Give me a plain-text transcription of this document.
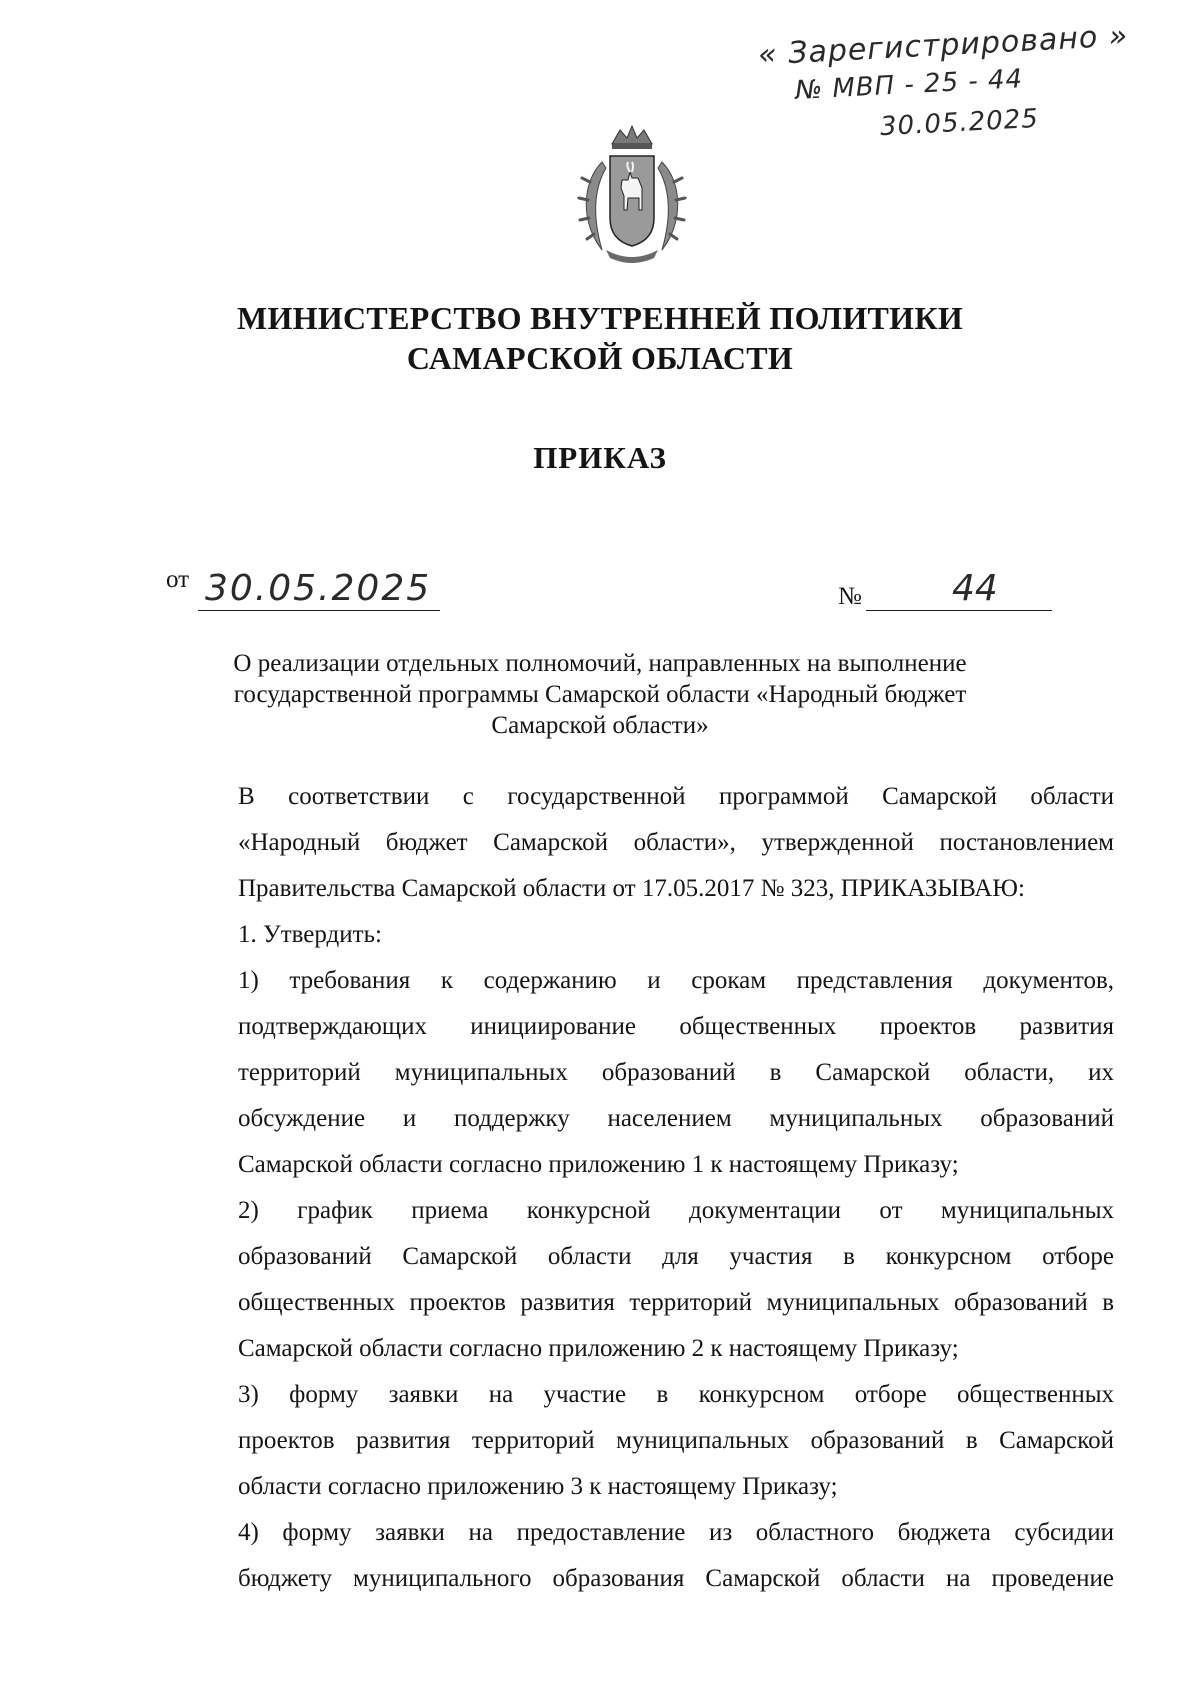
« Зарегистрировано »
№ МВП - 25 - 44
30.05.2025
МИНИСТЕРСТВО ВНУТРЕННЕЙ ПОЛИТИКИ
САМАРСКОЙ ОБЛАСТИ
ПРИКАЗ
от 30.05.2025	№	44
О реализации отдельных полномочий, направленных на выполнение
государственной программы Самарской области «Народный бюджет
Самарской области»

В соответствии с государственной программой Самарской области
«Народный бюджет Самарской области», утвержденной постановлением
Правительства Самарской области от 17.05.2017 № 323, ПРИКАЗЫВАЮ:

1. Утвердить:

1) требования к содержанию и срокам представления документов,
подтверждающих инициирование общественных проектов развития
территорий муниципальных образований в Самарской области, их
обсуждение и поддержку населением муниципальных образований
Самарской области согласно приложению 1 к настоящему Приказу;

2) график приема конкурсной документации от муниципальных
образований Самарской области для участия в конкурсном отборе
общественных проектов развития территорий муниципальных образований в
Самарской области согласно приложению 2 к настоящему Приказу;

3) форму заявки на участие в конкурсном отборе общественных
проектов развития территорий муниципальных образований в Самарской
области согласно приложению 3 к настоящему Приказу;

4) форму заявки на предоставление из областного бюджета субсидии
бюджету муниципального образования Самарской области на проведение
